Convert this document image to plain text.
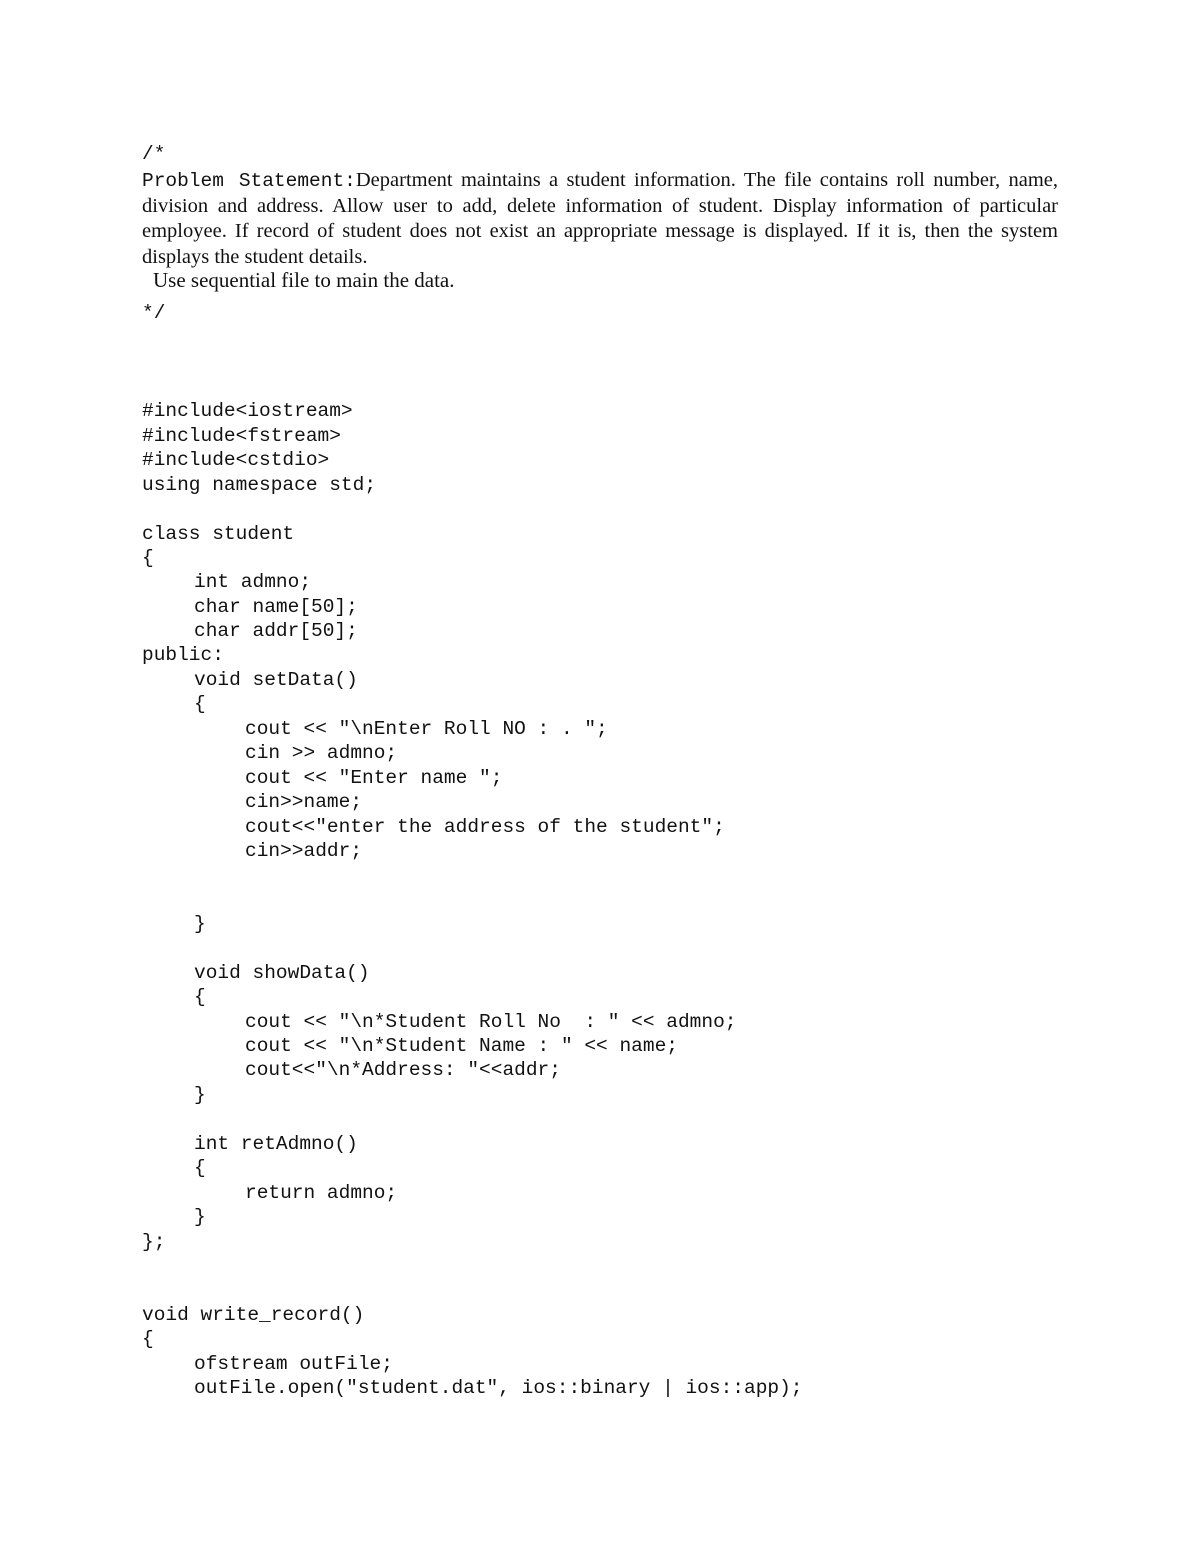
/*

Problem Statement:Department maintains a student information. The file contains roll number, name, division and address. Allow user to add, delete information of student. Display information of particular employee. If record of student does not exist an appropriate message is displayed. If it is, then the system displays the student details.

Use sequential file to main the data.
*/
#include<iostream>
#include<fstream>
#include<cstdio>
using namespace std;
class student
{
int admno;
char name[50];
char addr[50];
public:
void setData()
{
cout << "\nEnter Roll NO : . ";
cin >> admno;
cout << "Enter name ";
cin>>name;
cout<<"enter the address of the student";
cin>>addr;
}
void showData()
{
cout << "\n*Student Roll No  : " << admno;
cout << "\n*Student Name : " << name;
cout<<"\n*Address: "<<addr;
}
int retAdmno()
{
return admno;
}
};
void write_record()
{
ofstream outFile;
outFile.open("student.dat", ios::binary | ios::app);
